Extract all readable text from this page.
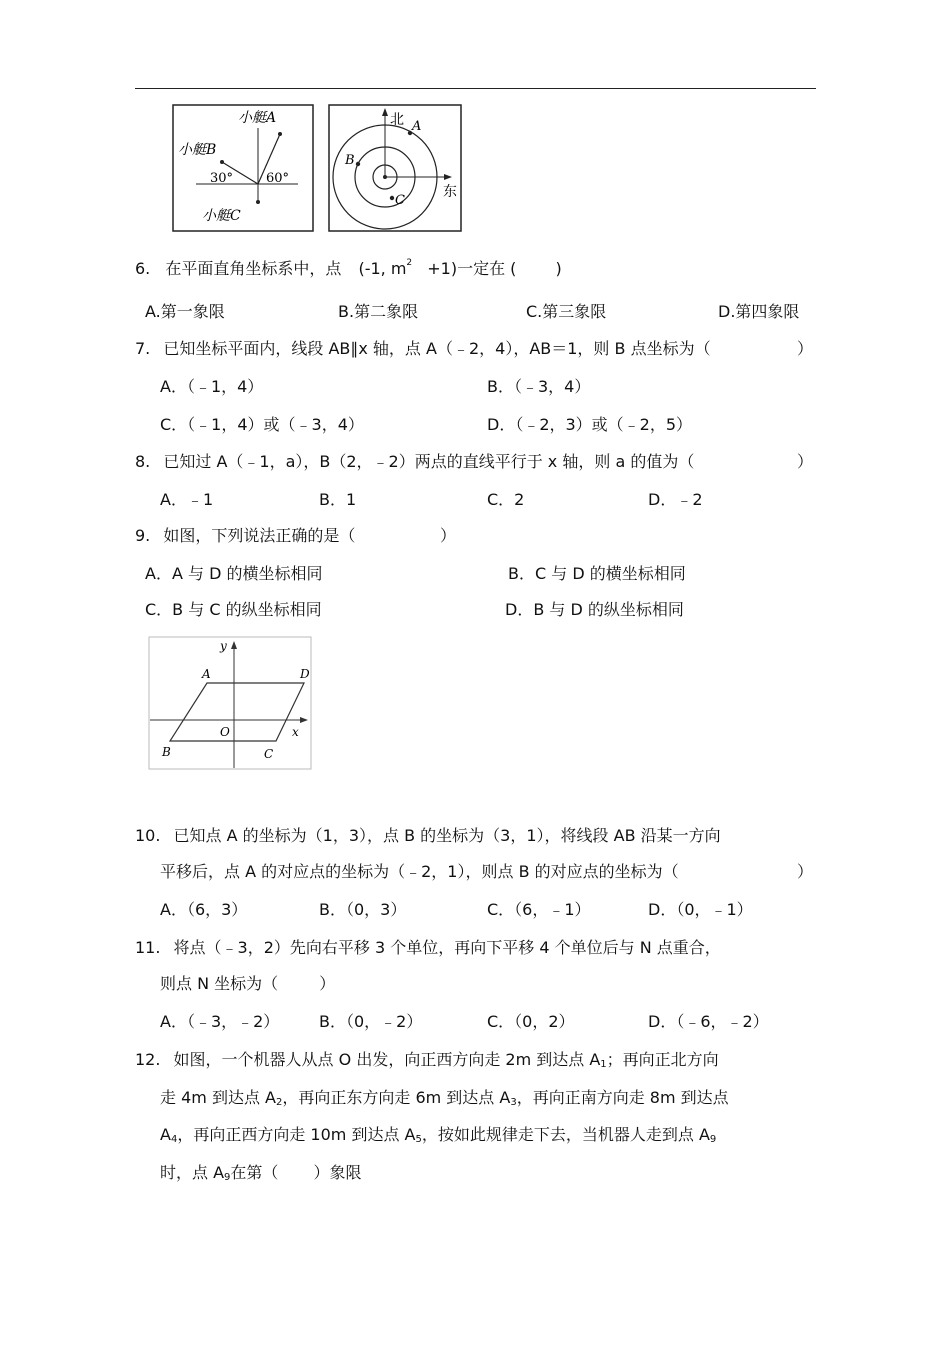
小艇A
小艇B
30°	60°
小艇C
北
东
A
B
C
6. 在平面直角坐标系中，点 (-1, $m^2 +1$)一定在 ( )
A.第一象限	B.第二象限	C.第三象限	D.第四象限
7. 已知坐标平面内，线段 AB∥x 轴，点 A（﹣2，4），AB＝1，则 B 点坐标为（	）
A．（﹣1，4）	B．（﹣3，4）
C．（﹣1，4）或（﹣3，4）	D．（﹣2，3）或（﹣2，5）
8. 已知过 A（﹣1，a），B（2，﹣2）两点的直线平行于 x 轴，则 a 的值为（	）
A．﹣1	B．1	C．2	D．﹣2
9. 如图，下列说法正确的是（	）
A．A 与 D 的横坐标相同	B．C 与 D 的横坐标相同
C．B 与 C 的纵坐标相同	D．B 与 D 的纵坐标相同
y
x
A	D
O
B	C
10. 已知点 A 的坐标为（1，3），点 B 的坐标为（3，1），将线段 AB 沿某一方向
平移后，点 A 的对应点的坐标为（﹣2，1），则点 B 的对应点的坐标为（	）
A．（6，3）	B．（0，3）	C．（6，﹣1）	D．（0，﹣1）
11. 将点（﹣3，2）先向右平移 3 个单位，再向下平移 4 个单位后与 N 点重合，
则点 N 坐标为（	）
A．（﹣3，﹣2） B．（0，﹣2）	C．（0，2）	D．（﹣6，﹣2）
12. 如图，一个机器人从点 O 出发，向正西方向走 2m 到达点 $A_1$；再向正北方向
走 4m 到达点 $A_2$，再向正东方向走 6m 到达点 $A_3$，再向正南方向走 8m 到达点
$A_4$，再向正西方向走 10m 到达点 $A_5$，按如此规律走下去，当机器人走到点 $A_9$
时，点 $A_9$在第（ ）象限
